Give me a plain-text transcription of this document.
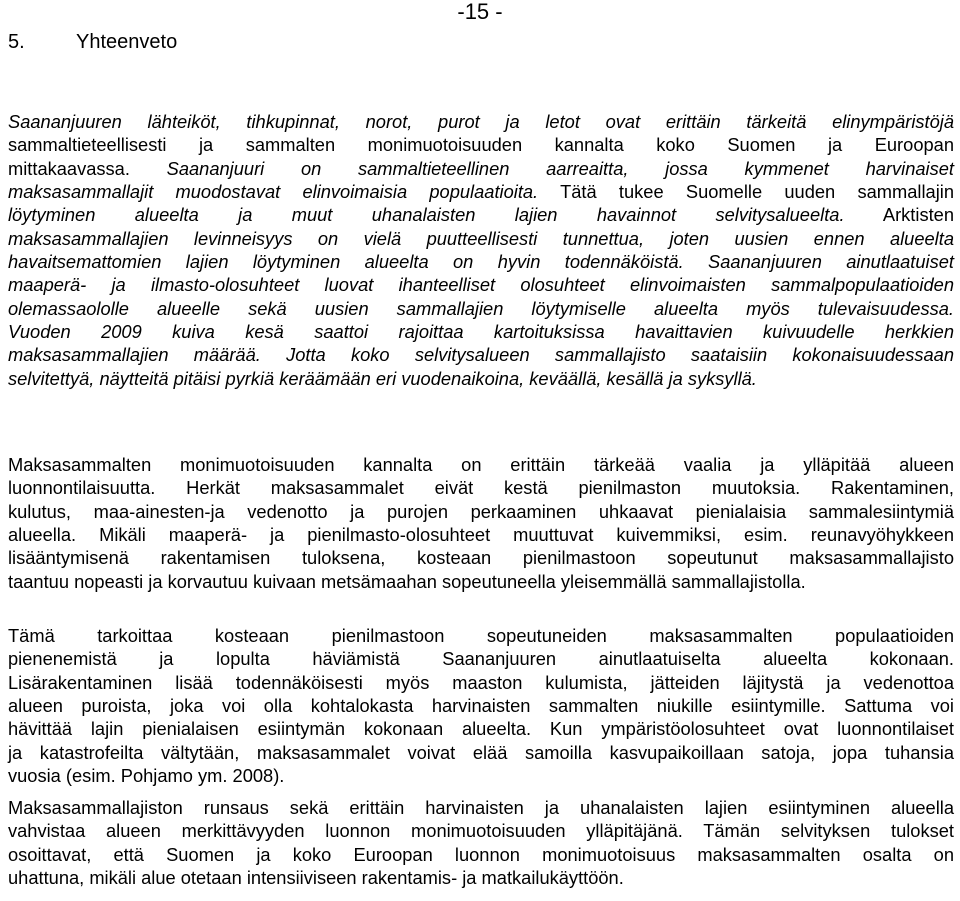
-15 -
5.	Yhteenveto
Saananjuuren lähteiköt, tihkupinnat, norot, purot ja letot ovat erittäin tärkeitä elinympäristöjä
sammaltieteellisesti ja sammalten monimuotoisuuden kannalta koko Suomen ja Euroopan
mittakaavassa. Saananjuuri on sammaltieteellinen aarreaitta, jossa kymmenet harvinaiset
maksasammallajit muodostavat elinvoimaisia populaatioita. Tätä tukee Suomelle uuden sammallajin
löytyminen alueelta ja muut uhanalaisten lajien havainnot selvitysalueelta. Arktisten
maksasammallajien levinneisyys on vielä puutteellisesti tunnettua, joten uusien ennen alueelta
havaitsemattomien lajien löytyminen alueelta on hyvin todennäköistä. Saananjuuren ainutlaatuiset
maaperä- ja ilmasto-olosuhteet luovat ihanteelliset olosuhteet elinvoimaisten sammalpopulaatioiden
olemassaololle alueelle sekä uusien sammallajien löytymiselle alueelta myös tulevaisuudessa.
Vuoden 2009 kuiva kesä saattoi rajoittaa kartoituksissa havaittavien kuivuudelle herkkien
maksasammallajien määrää. Jotta koko selvitysalueen sammallajisto saataisiin kokonaisuudessaan
selvitettyä, näytteitä pitäisi pyrkiä keräämään eri vuodenaikoina, keväällä, kesällä ja syksyllä.
Maksasammalten monimuotoisuuden kannalta on erittäin tärkeää vaalia ja ylläpitää alueen
luonnontilaisuutta. Herkät maksasammalet eivät kestä pienilmaston muutoksia. Rakentaminen,
kulutus, maa-ainesten-ja vedenotto ja purojen perkaaminen uhkaavat pienialaisia sammalesiintymiä
alueella. Mikäli maaperä- ja pienilmasto-olosuhteet muuttuvat kuivemmiksi, esim. reunavyöhykkeen
lisääntymisenä rakentamisen tuloksena, kosteaan pienilmastoon sopeutunut maksasammallajisto
taantuu nopeasti ja korvautuu kuivaan metsämaahan sopeutuneella yleisemmällä sammallajistolla.
Tämä tarkoittaa kosteaan pienilmastoon sopeutuneiden maksasammalten populaatioiden
pienenemistä ja lopulta häviämistä Saananjuuren ainutlaatuiselta alueelta kokonaan.
Lisärakentaminen lisää todennäköisesti myös maaston kulumista, jätteiden läjitystä ja vedenottoa
alueen puroista, joka voi olla kohtalokasta harvinaisten sammalten niukille esiintymille. Sattuma voi
hävittää lajin pienialaisen esiintymän kokonaan alueelta. Kun ympäristöolosuhteet ovat luonnontilaiset
ja katastrofeilta vältytään, maksasammalet voivat elää samoilla kasvupaikoillaan satoja, jopa tuhansia
vuosia (esim. Pohjamo ym. 2008).
Maksasammallajiston runsaus sekä erittäin harvinaisten ja uhanalaisten lajien esiintyminen alueella
vahvistaa alueen merkittävyyden luonnon monimuotoisuuden ylläpitäjänä. Tämän selvityksen tulokset
osoittavat, että Suomen ja koko Euroopan luonnon monimuotoisuus maksasammalten osalta on
uhattuna, mikäli alue otetaan intensiiviseen rakentamis- ja matkailukäyttöön.
